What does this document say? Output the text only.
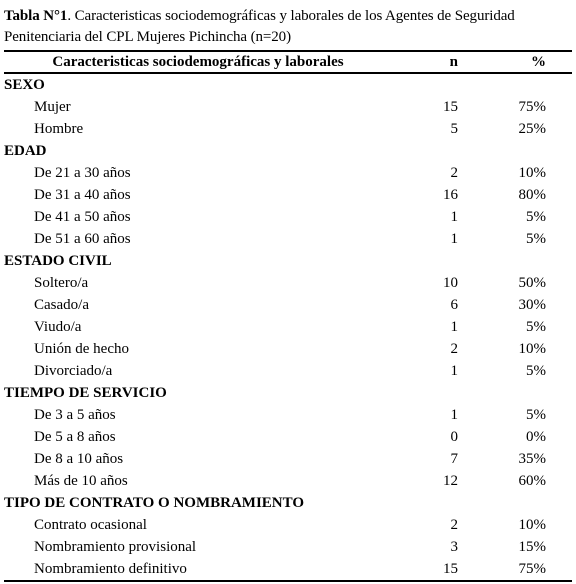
Tabla N°1. Caracteristicas sociodemográficas y laborales de los Agentes de Seguridad Penitenciaria del CPL Mujeres Pichincha (n=20)

Caracteristicas sociodemográficas y laborales	n	%
SEXO		
Mujer	15	75%
Hombre	5	25%
EDAD		
De 21 a 30 años	2	10%
De 31 a 40 años	16	80%
De 41 a 50 años	1	5%
De 51 a 60 años	1	5%
ESTADO CIVIL		
Soltero/a	10	50%
Casado/a	6	30%
Viudo/a	1	5%
Unión de hecho	2	10%
Divorciado/a	1	5%
TIEMPO DE SERVICIO		
De 3 a 5 años	1	5%
De 5 a 8 años	0	0%
De 8 a 10 años	7	35%
Más de 10 años	12	60%
TIPO DE CONTRATO O NOMBRAMIENTO		
Contrato ocasional	2	10%
Nombramiento provisional	3	15%
Nombramiento definitivo	15	75%
